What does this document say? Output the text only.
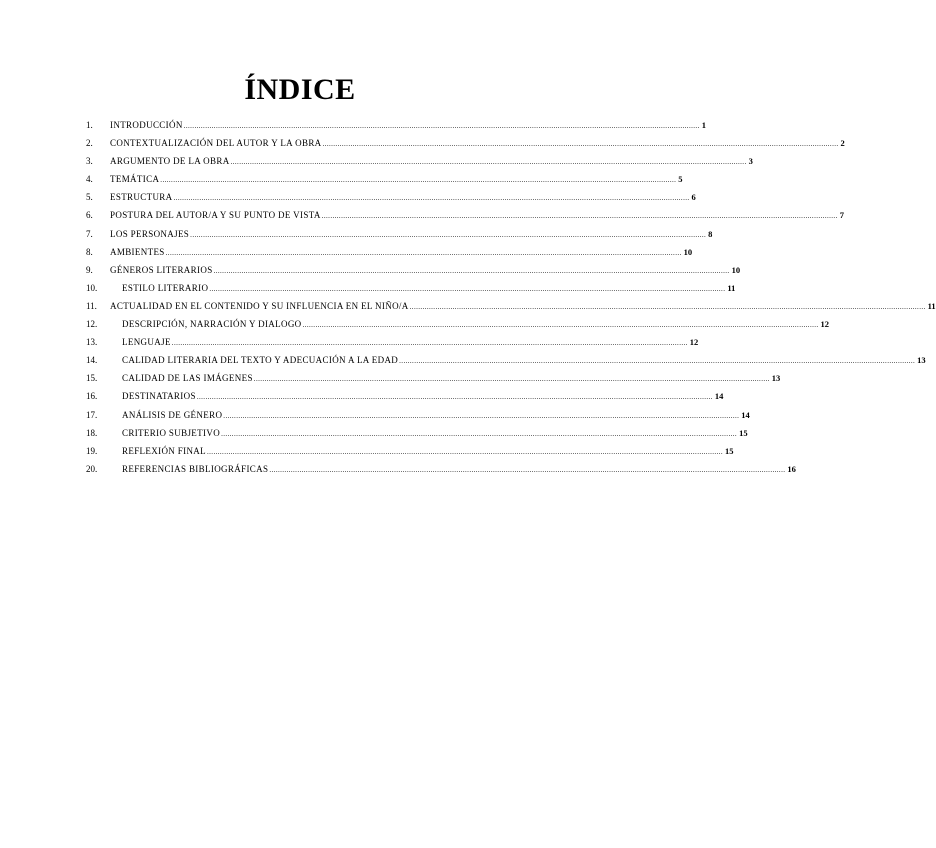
ÍNDICE
1.	INTRODUCCIÓN ................................................................................................................................................................................................................................................ 1
2.	CONTEXTUALIZACIÓN DEL AUTOR Y LA OBRA ................................................................................................................................................................................................................................................ 2
3.	ARGUMENTO DE LA OBRA ................................................................................................................................................................................................................................................ 3
4.	TEMÁTICA ................................................................................................................................................................................................................................................ 5
5.	ESTRUCTURA ................................................................................................................................................................................................................................................ 6
6.	POSTURA DEL AUTOR/A Y SU PUNTO DE VISTA ................................................................................................................................................................................................................................................ 7
7.	LOS PERSONAJES ................................................................................................................................................................................................................................................ 8
8.	AMBIENTES ................................................................................................................................................................................................................................................ 10
9.	GÉNEROS LITERARIOS ................................................................................................................................................................................................................................................ 10
10.	ESTILO LITERARIO ................................................................................................................................................................................................................................................ 11
11.	ACTUALIDAD EN EL CONTENIDO Y SU INFLUENCIA EN EL NIÑO/A ................................................................................................................................................................................................................................................ 11
12.	DESCRIPCIÓN, NARRACIÓN Y DIALOGO ................................................................................................................................................................................................................................................ 12
13.	LENGUAJE ................................................................................................................................................................................................................................................ 12
14.	CALIDAD LITERARIA DEL TEXTO Y ADECUACIÓN A LA EDAD ................................................................................................................................................................................................................................................ 13
15.	CALIDAD DE LAS IMÁGENES ................................................................................................................................................................................................................................................ 13
16.	DESTINATARIOS ................................................................................................................................................................................................................................................ 14
17.	ANÁLISIS DE GÉNERO ................................................................................................................................................................................................................................................ 14
18.	CRITERIO SUBJETIVO ................................................................................................................................................................................................................................................ 15
19.	REFLEXIÓN FINAL ................................................................................................................................................................................................................................................ 15
20.	REFERENCIAS BIBLIOGRÁFICAS ................................................................................................................................................................................................................................................ 16
